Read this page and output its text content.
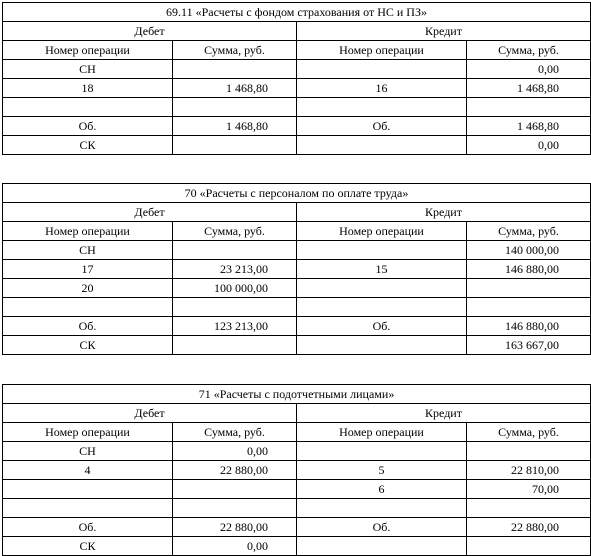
69.11 «Расчеты с фондом страхования от НС и ПЗ»			
Дебет		Кредит	
Номер операции	Сумма, руб.	Номер операции	Сумма, руб.
СН			0,00
18	1 468,80	16	1 468,80

Об.	1 468,80	Об.	1 468,80
СК			0,00
70 «Расчеты с персоналом по оплате труда»			
Дебет		Кредит	
Номер операции	Сумма, руб.	Номер операции	Сумма, руб.
СН			140 000,00
17	23 213,00	15	146 880,00
20	100 000,00		

Об.	123 213,00	Об.	146 880,00
СК			163 667,00
71 «Расчеты с подотчетными лицами»			
Дебет		Кредит	
Номер операции	Сумма, руб.	Номер операции	Сумма, руб.
СН	0,00		
4	22 880,00	5	22 810,00
		6	70,00

Об.	22 880,00	Об.	22 880,00
СК	0,00		
